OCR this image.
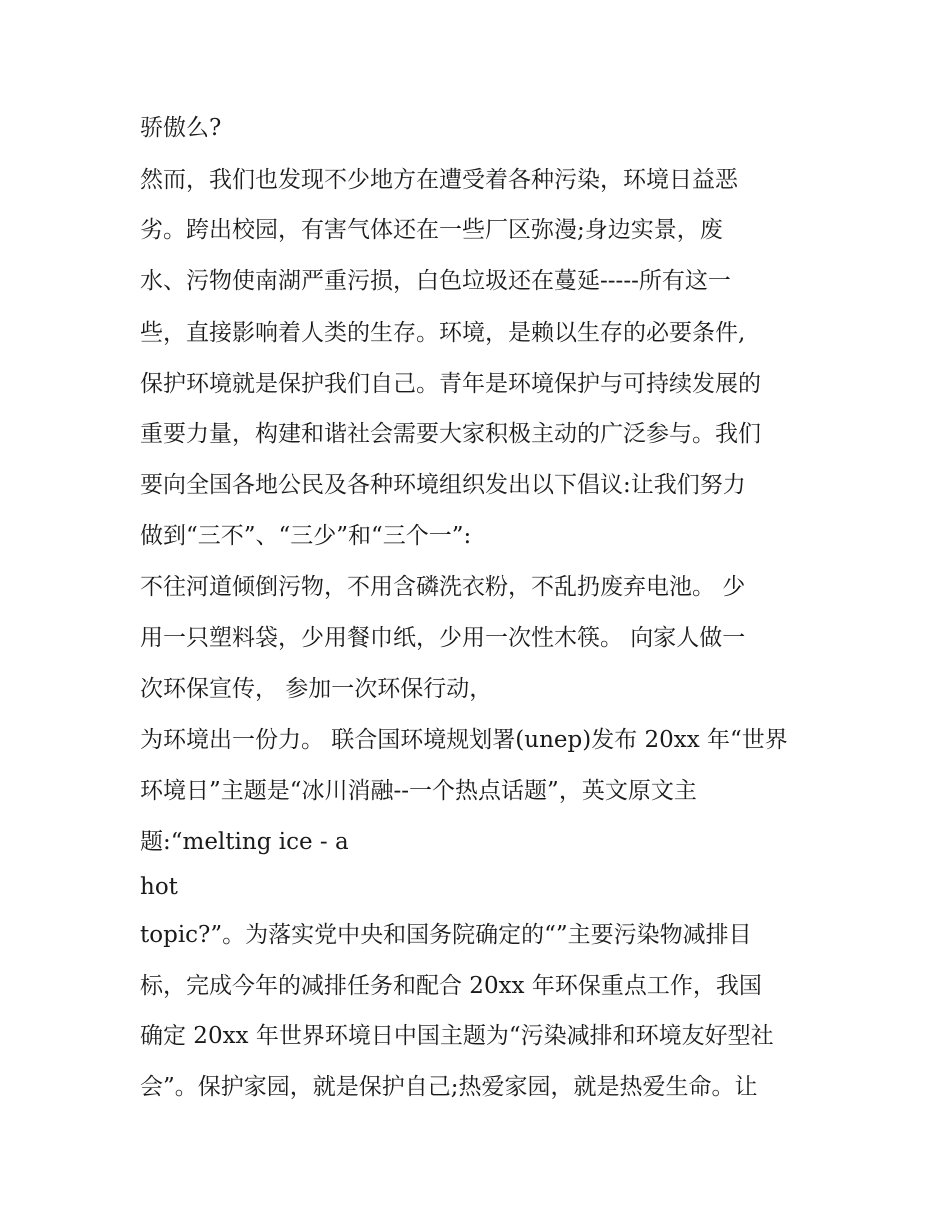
骄傲么?
然而，我们也发现不少地方在遭受着各种污染，环境日益恶
劣。跨出校园，有害气体还在一些厂区弥漫;身边实景，废
水、污物使南湖严重污损，白色垃圾还在蔓延-----所有这一
些，直接影响着人类的生存。环境，是赖以生存的必要条件,
保护环境就是保护我们自己。青年是环境保护与可持续发展的
重要力量，构建和谐社会需要大家积极主动的广泛参与。我们
要向全国各地公民及各种环境组织发出以下倡议:让我们努力
做到“三不”、“三少”和“三个一”:
不往河道倾倒污物，不用含磷洗衣粉，不乱扔废弃电池。 少
用一只塑料袋，少用餐巾纸，少用一次性木筷。 向家人做一
次环保宣传， 参加一次环保行动，
为环境出一份力。 联合国环境规划署(unep)发布 20xx 年“世界
环境日”主题是“冰川消融--一个热点话题”，英文原文主
题:“melting ice - a
hot
topic?”。为落实党中央和国务院确定的“”主要污染物减排目
标，完成今年的减排任务和配合 20xx 年环保重点工作，我国
确定 20xx 年世界环境日中国主题为“污染减排和环境友好型社
会”。保护家园，就是保护自己;热爱家园，就是热爱生命。让
